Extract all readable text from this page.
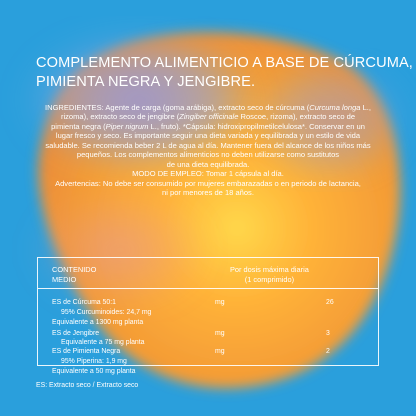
COMPLEMENTO ALIMENTICIO A BASE DE CÚRCUMA,
PIMIENTA NEGRA Y JENGIBRE.
INGREDIENTES: Agente de carga (goma arábiga), extracto seco de cúrcuma (Curcuma longa L.,
rizoma), extracto seco de jengibre (Zingiber officinale Roscoe, rizoma), extracto seco de
pimienta negra (Piper nigrum L., fruto). *Cápsula: hidroxipropilmetilcelulosa*. Conservar en un
lugar fresco y seco. Es importante seguir una dieta variada y equilibrada y un estilo de vida
saludable. Se recomienda beber 2 L de agua al día. Mantener fuera del alcance de los niños más
pequeños. Los complementos alimenticios no deben utilizarse como sustitutos
de una dieta equilibrada.
MODO DE EMPLEO: Tomar 1 cápsula al día.
Advertencias: No debe ser consumido por mujeres embarazadas o en periodo de lactancia,
ni por menores de 18 años.
CONTENIDO
MEDIO
Por dosis máxima diaria
(1 comprimido)
ES de Cúrcuma 50:1	mg	26
95% Curcuminoides: 24,7 mg
Equivalente a 1300 mg planta
ES de Jengibre	mg	3
Equivalente a 75 mg planta
ES de Pimienta Negra	mg	2
95% Piperina: 1,9 mg
Equivalente a 50 mg planta
ES: Extracto seco / Extracto seco
